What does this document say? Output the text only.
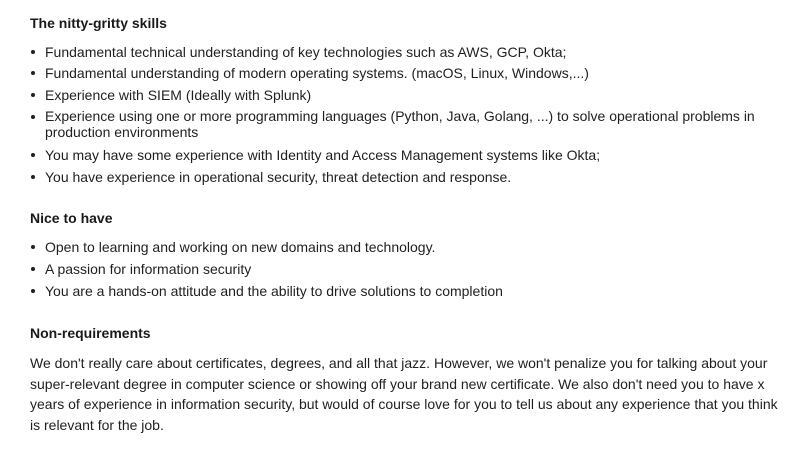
The nitty-gritty skills
Fundamental technical understanding of key technologies such as AWS, GCP, Okta;
Fundamental understanding of modern operating systems. (macOS, Linux, Windows,...)
Experience with SIEM (Ideally with Splunk)
Experience using one or more programming languages (Python, Java, Golang, ...) to solve operational problems in production environments
You may have some experience with Identity and Access Management systems like Okta;
You have experience in operational security, threat detection and response.
Nice to have
Open to learning and working on new domains and technology.
A passion for information security
You are a hands-on attitude and the ability to drive solutions to completion
Non-requirements

We don't really care about certificates, degrees, and all that jazz. However, we won't penalize you for talking about your super-relevant degree in computer science or showing off your brand new certificate. We also don't need you to have x years of experience in information security, but would of course love for you to tell us about any experience that you think is relevant for the job.
